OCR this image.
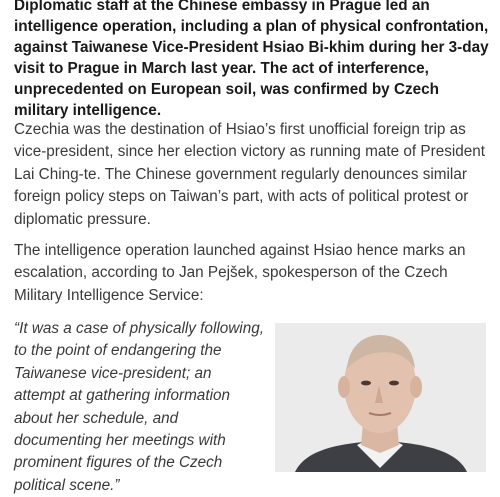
Diplomatic staff at the Chinese embassy in Prague led an intelligence operation, including a plan of physical confrontation, against Taiwanese Vice-President Hsiao Bi-khim during her 3-day visit to Prague in March last year. The act of interference, unprecedented on European soil, was confirmed by Czech military intelligence.

Czechia was the destination of Hsiao’s first unofficial foreign trip as vice-president, since her election victory as running mate of President Lai Ching-te. The Chinese government regularly denounces similar foreign policy steps on Taiwan’s part, with acts of political protest or diplomatic pressure.

The intelligence operation launched against Hsiao hence marks an escalation, according to Jan Pejšek, spokesperson of the Czech Military Intelligence Service:

“It was a case of physically following, to the point of endangering the Taiwanese vice-president; an attempt at gathering information about her schedule, and documenting her meetings with prominent figures of the Czech political scene.”
